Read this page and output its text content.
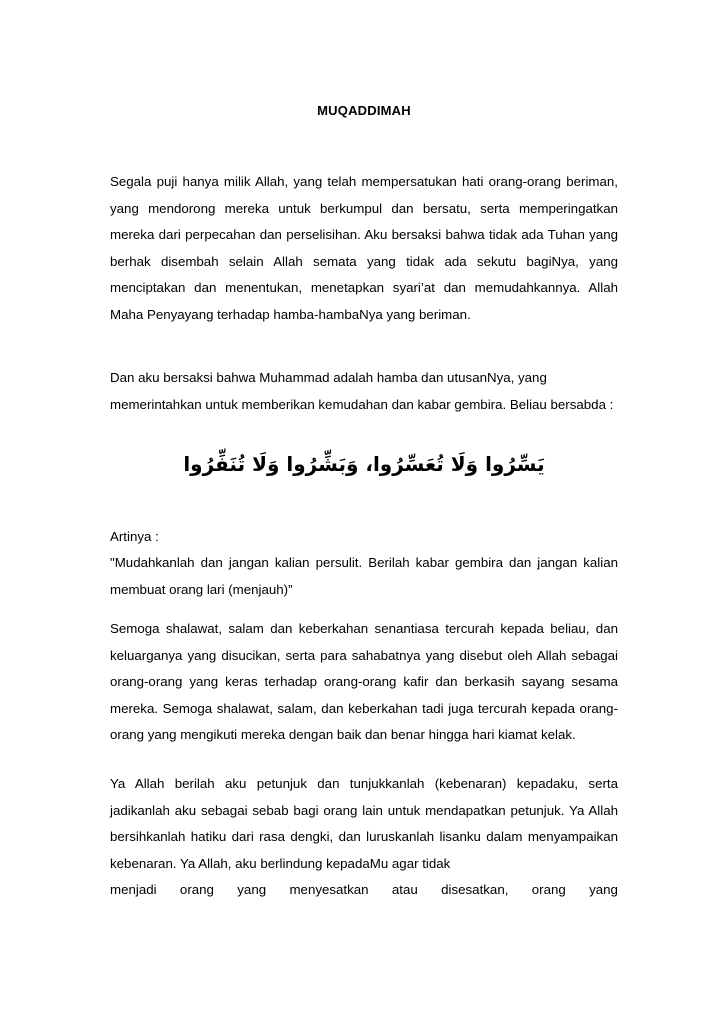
MUQADDIMAH

Segala puji hanya milik Allah, yang telah mempersatukan hati orang-orang beriman, yang mendorong mereka untuk berkumpul dan bersatu, serta memperingatkan mereka dari perpecahan dan perselisihan. Aku bersaksi bahwa tidak ada Tuhan yang berhak disembah selain Allah semata yang tidak ada sekutu bagiNya, yang menciptakan dan menentukan, menetapkan syari’at dan memudahkannya. Allah Maha Penyayang terhadap hamba-hambaNya yang beriman.

Dan aku bersaksi bahwa Muhammad adalah hamba dan utusanNya, yang memerintahkan untuk memberikan kemudahan dan kabar gembira. Beliau bersabda :

يَسِّرُوا وَلَا تُعَسِّرُوا، وَبَشِّرُوا وَلَا تُنَفِّرُوا

Artinya :

"Mudahkanlah dan jangan kalian persulit. Berilah kabar gembira dan jangan kalian membuat orang lari (menjauh)”

Semoga shalawat, salam dan keberkahan senantiasa tercurah kepada beliau, dan keluarganya yang disucikan, serta para sahabatnya yang disebut oleh Allah sebagai orang-orang yang keras terhadap orang-orang kafir dan berkasih sayang sesama mereka. Semoga shalawat, salam, dan keberkahan tadi juga tercurah kepada orang-orang yang mengikuti mereka dengan baik dan benar hingga hari kiamat kelak.

Ya Allah berilah aku petunjuk dan tunjukkanlah (kebenaran) kepadaku, serta jadikanlah aku sebagai sebab bagi orang lain untuk mendapatkan petunjuk. Ya Allah bersihkanlah hatiku dari rasa dengki, dan luruskanlah lisanku dalam menyampaikan kebenaran. Ya Allah, aku berlindung kepadaMu agar tidak

menjadi orang yang menyesatkan atau disesatkan, orang yang
